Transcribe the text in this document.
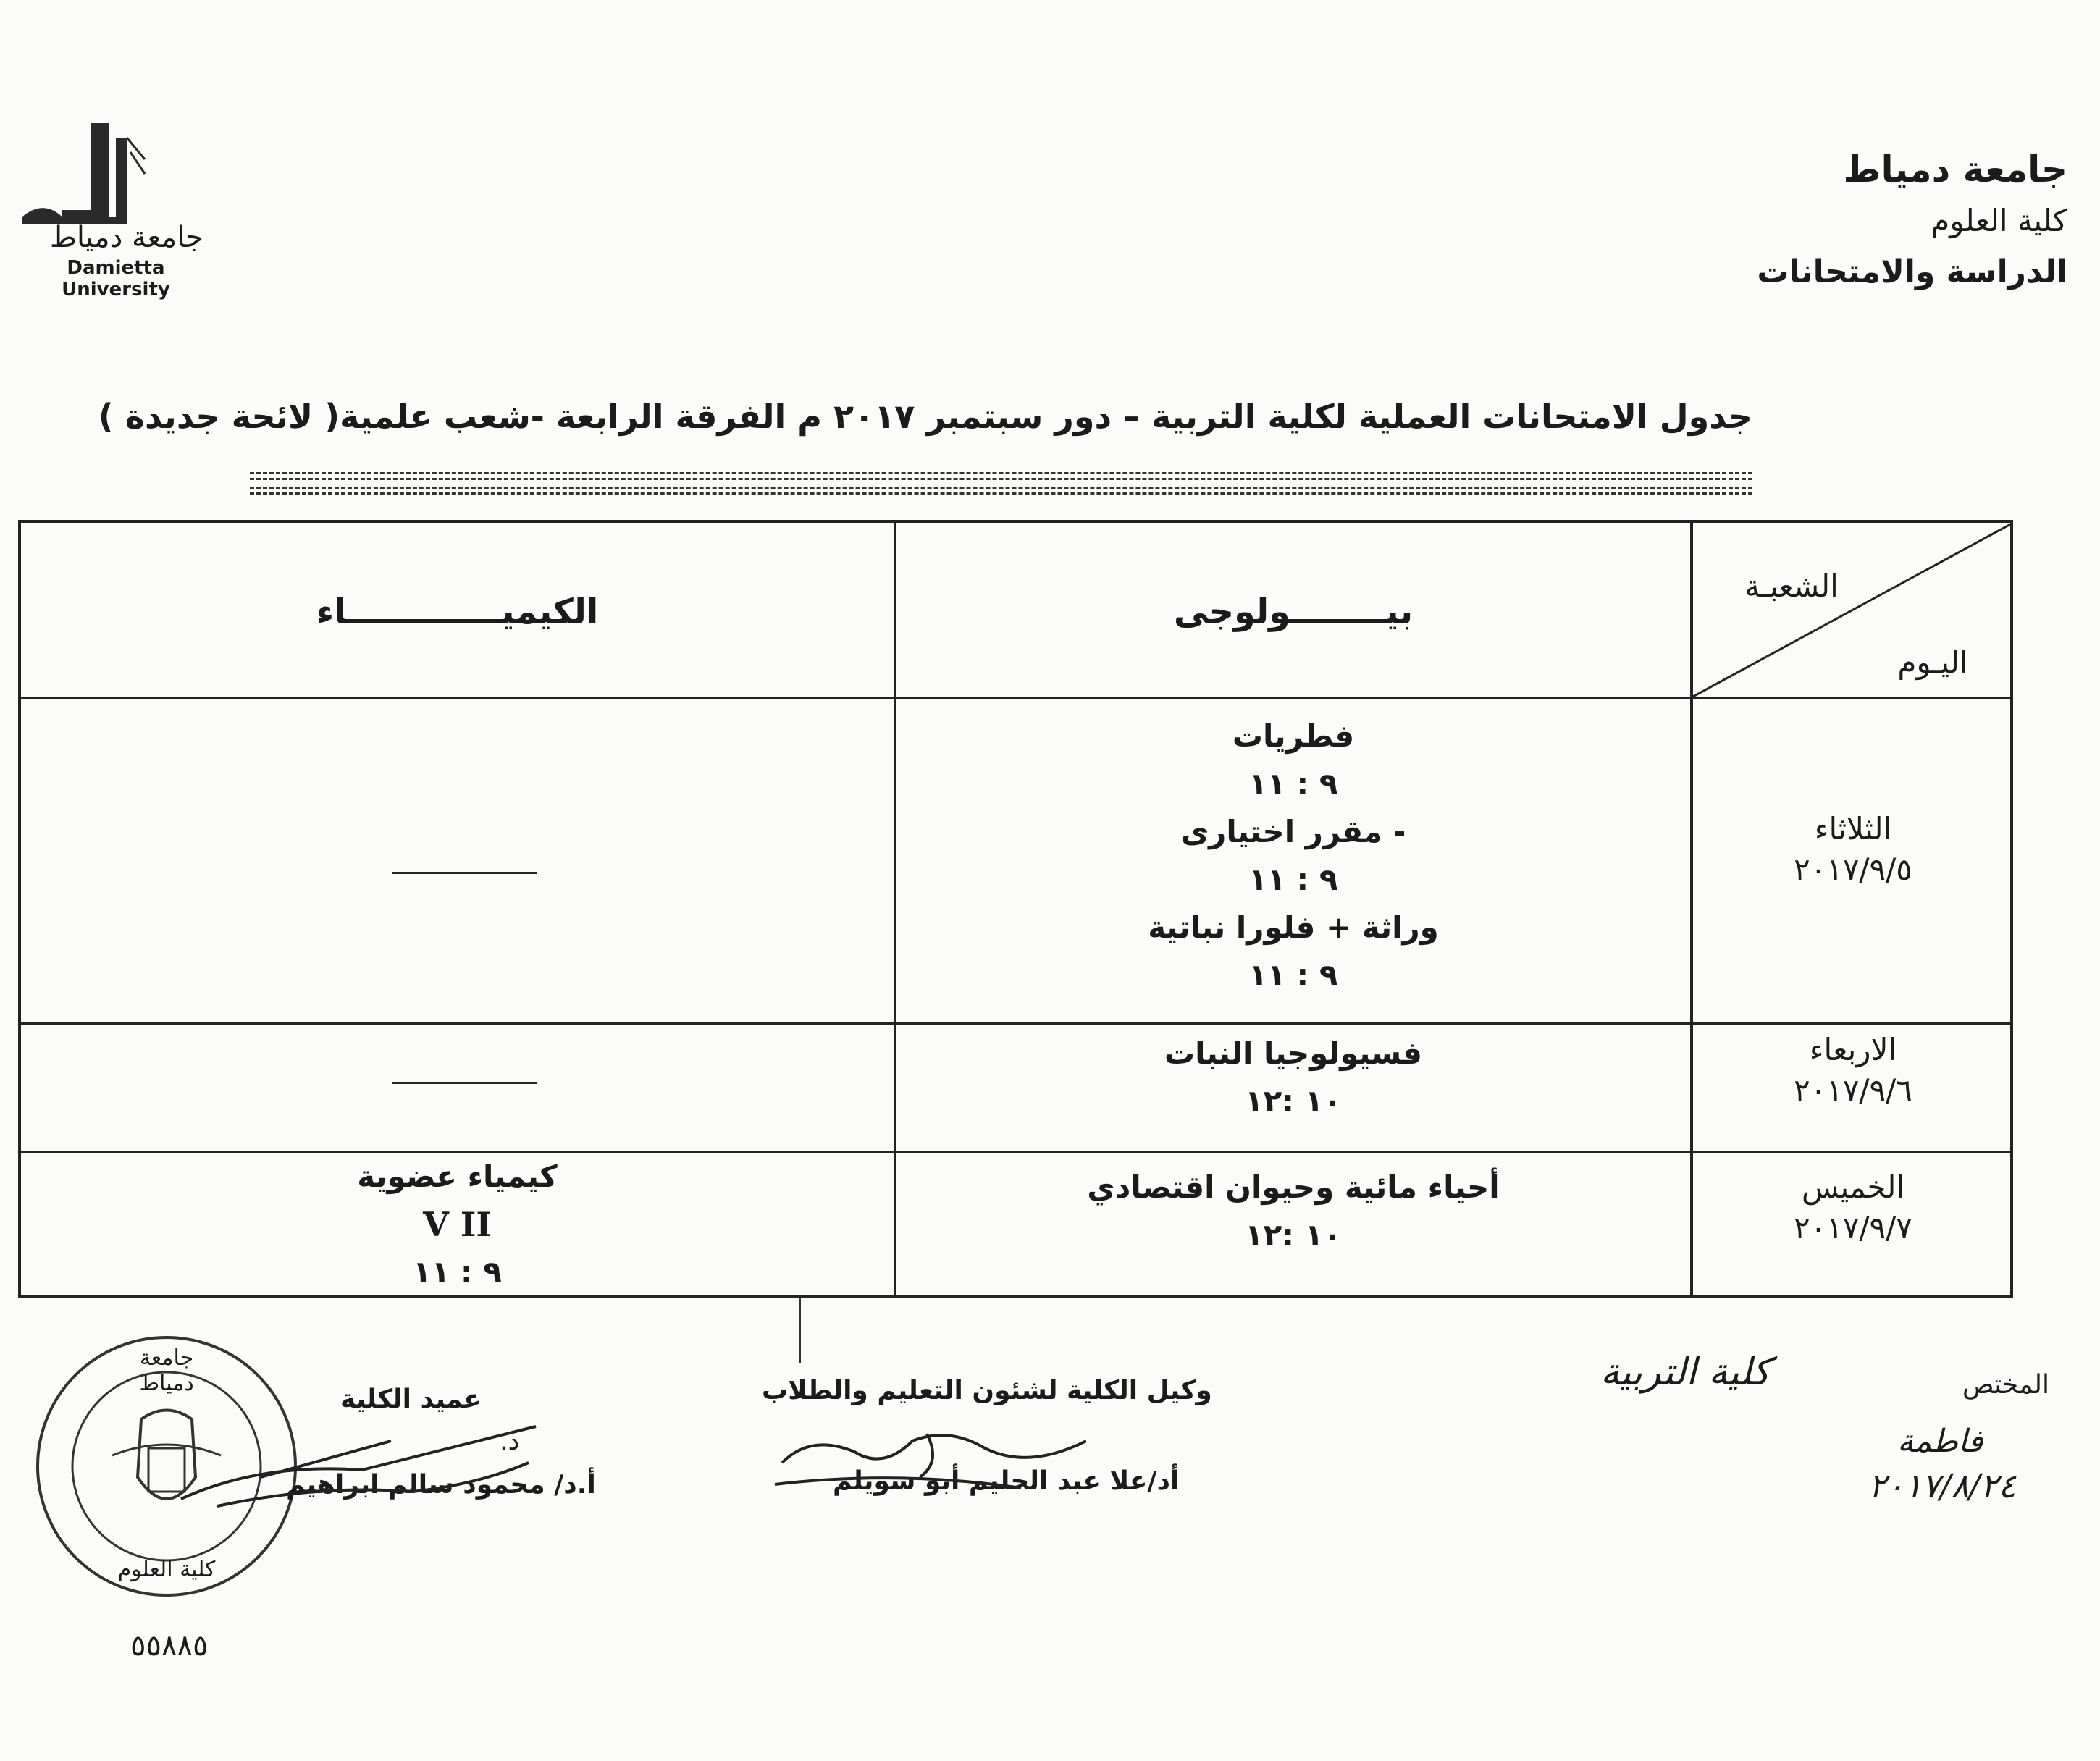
جامعة دمياط
Damietta University
جامعة دمياط
كلية العلوم
الدراسة والامتحانات
جدول الامتحانات العملية لكلية التربية – دور سبتمبر ٢٠١٧ م الفرقة الرابعة -شعب علمية( لائحة جديدة )
الشعبـة
اليـوم
بيــــــــولوجى
الكيميـــــــــــــاء
الثلاثاء
٢٠١٧/٩/٥
فطريات
٩ : ١١
- مقرر اختيارى
٩ : ١١
وراثة + فلورا نباتية
٩ : ١١
الاربعاء
٢٠١٧/٩/٦
فسيولوجيا النبات
١٠ :١٢
الخميس
٢٠١٧/٩/٧
أحياء مائية وحيوان اقتصادي
١٠ :١٢
كيمياء عضوية
V II
٩ : ١١
جامعة دمياط
كلية العلوم
٥٥٨٨٥
عميد الكلية
د.
أ.د/ محمود سالم ابراهيم
وكيل الكلية لشئون التعليم والطلاب
أد/علا عبد الحليم أبو سويلم
المختص
كلية التربية
فاطمة
٢٠١٧/٨/٢٤
